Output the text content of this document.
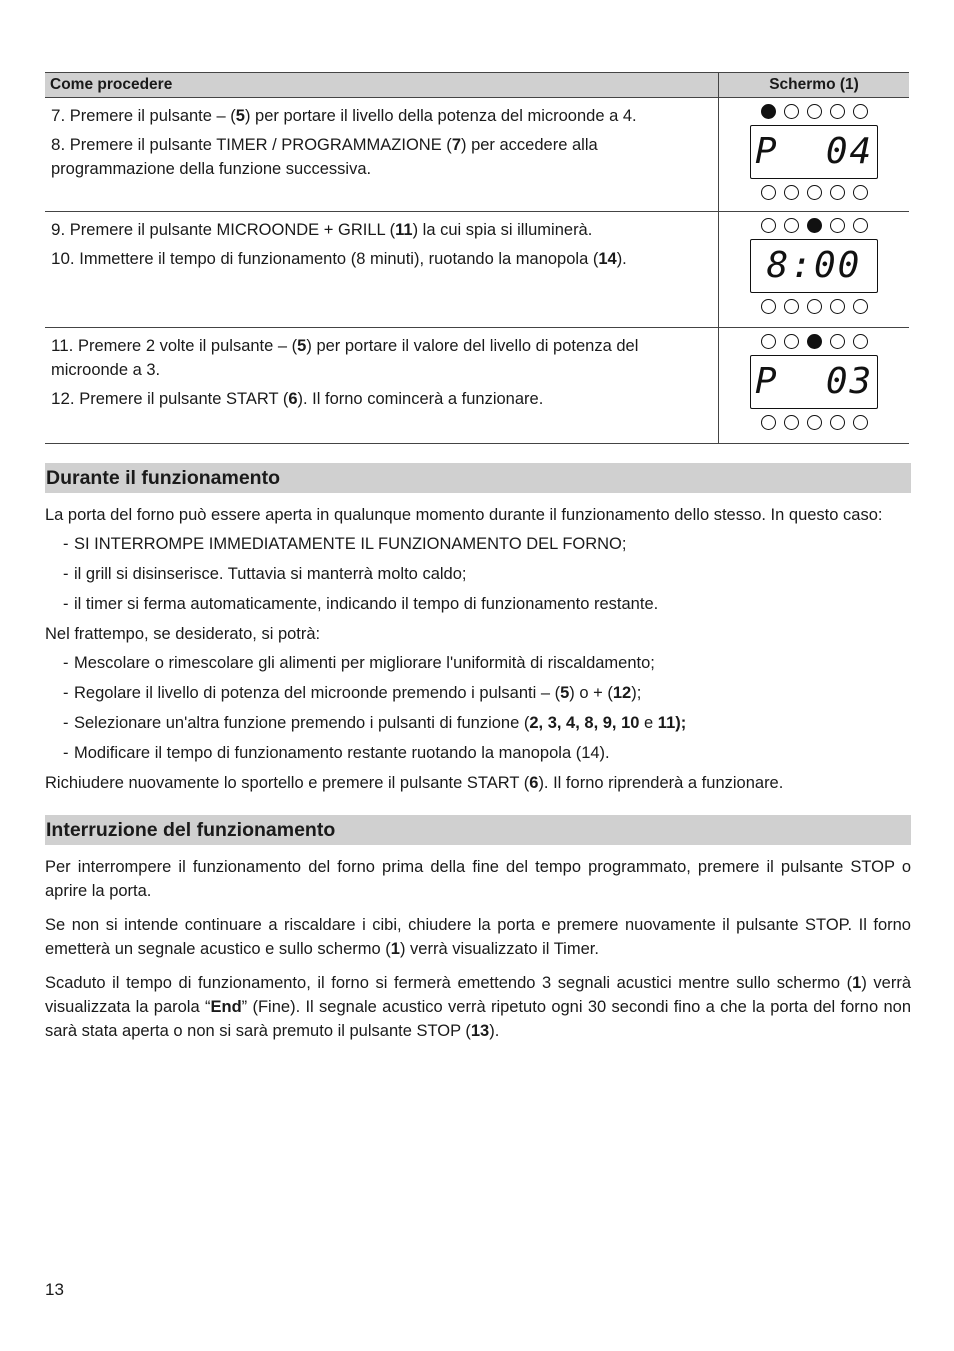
Come procedere	Schermo (1)

7. Premere il pulsante – (5) per portare il livello della potenza del microonde a 4.
8. Premere il pulsante TIMER / PROGRAMMAZIONE (7) per accedere alla programmazione della funzione successiva.	P  04

9. Premere il pulsante MICROONDE + GRILL (11) la cui spia si illuminerà.
10. Immettere il tempo di funzionamento (8 minuti), ruotando la manopola (14).	8:00

11. Premere 2 volte il pulsante – (5) per portare il valore del livello di potenza del microonde a 3.
12. Premere il pulsante START (6). Il forno comincerà a funzionare.	P  03
Durante il funzionamento

La porta del forno può essere aperta in qualunque momento durante il funzionamento dello stesso. In questo caso:

- SI INTERROMPE IMMEDIATAMENTE IL FUNZIONAMENTO DEL FORNO;
- il grill si disinserisce. Tuttavia si manterrà molto caldo;
- il timer si ferma automaticamente, indicando il tempo di funzionamento restante.

Nel frattempo, se desiderato, si potrà:

- Mescolare o rimescolare gli alimenti per migliorare l'uniformità di riscaldamento;
- Regolare il livello di potenza del microonde premendo i pulsanti – (5) o + (12);
- Selezionare un'altra funzione premendo i pulsanti di funzione (2, 3, 4, 8, 9, 10 e 11);
- Modificare il tempo di funzionamento restante ruotando la manopola (14).

Richiudere nuovamente lo sportello e premere il pulsante START (6). Il forno riprenderà a funzionare.

Interruzione del funzionamento

Per interrompere il funzionamento del forno prima della fine del tempo programmato, premere il pulsante STOP o aprire la porta.

Se non si intende continuare a riscaldare i cibi, chiudere la porta e premere nuovamente il pulsante STOP. Il forno emetterà un segnale acustico e sullo schermo (1) verrà visualizzato il Timer.

Scaduto il tempo di funzionamento, il forno si fermerà emettendo 3 segnali acustici mentre sullo schermo (1) verrà visualizzata la parola “End” (Fine). Il segnale acustico verrà ripetuto ogni 30 secondi fino a che la porta del forno non sarà stata aperta o non si sarà premuto il pulsante STOP (13).

13
